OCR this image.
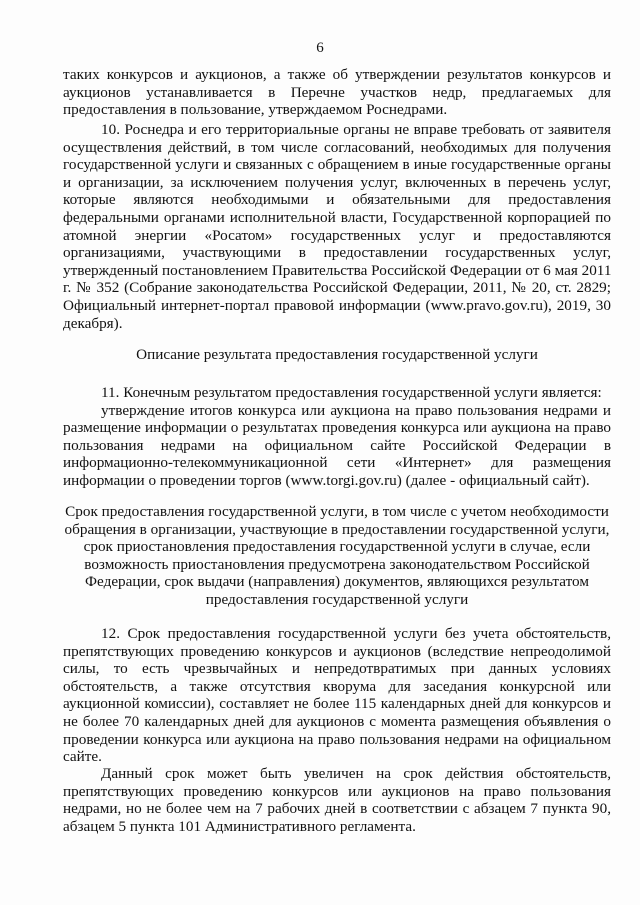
6
таких конкурсов и аукционов, а также об утверждении результатов конкурсов и
аукционов устанавливается в Перечне участков недр, предлагаемых для
предоставления в пользование, утверждаемом Роснедрами.
10. Роснедра и его территориальные органы не вправе требовать от заявителя
осуществления действий, в том числе согласований, необходимых для получения
государственной услуги и связанных с обращением в иные государственные органы
и организации, за исключением получения услуг, включенных в перечень услуг,
которые являются необходимыми и обязательными для предоставления
федеральными органами исполнительной власти, Государственной корпорацией по
атомной энергии «Росатом» государственных услуг и предоставляются
организациями, участвующими в предоставлении государственных услуг,
утвержденный постановлением Правительства Российской Федерации от 6 мая 2011
г. № 352 (Собрание законодательства Российской Федерации, 2011, № 20, ст. 2829;
Официальный интернет-портал правовой информации (www.pravo.gov.ru), 2019, 30
декабря).
Описание результата предоставления государственной услуги
11. Конечным результатом предоставления государственной услуги является:
утверждение итогов конкурса или аукциона на право пользования недрами и
размещение информации о результатах проведения конкурса или аукциона на право
пользования недрами на официальном сайте Российской Федерации в
информационно-телекоммуникационной сети «Интернет» для размещения
информации о проведении торгов (www.torgi.gov.ru) (далее - официальный сайт).
Срок предоставления государственной услуги, в том числе с учетом необходимости
обращения в организации, участвующие в предоставлении государственной услуги,
срок приостановления предоставления государственной услуги в случае, если
возможность приостановления предусмотрена законодательством Российской
Федерации, срок выдачи (направления) документов, являющихся результатом
предоставления государственной услуги
12. Срок предоставления государственной услуги без учета обстоятельств,
препятствующих проведению конкурсов и аукционов (вследствие непреодолимой
силы, то есть чрезвычайных и непредотвратимых при данных условиях
обстоятельств, а также отсутствия кворума для заседания конкурсной или
аукционной комиссии), составляет не более 115 календарных дней для конкурсов и
не более 70 календарных дней для аукционов с момента размещения объявления о
проведении конкурса или аукциона на право пользования недрами на официальном
сайте.
Данный срок может быть увеличен на срок действия обстоятельств,
препятствующих проведению конкурсов или аукционов на право пользования
недрами, но не более чем на 7 рабочих дней в соответствии с абзацем 7 пункта 90,
абзацем 5 пункта 101 Административного регламента.
